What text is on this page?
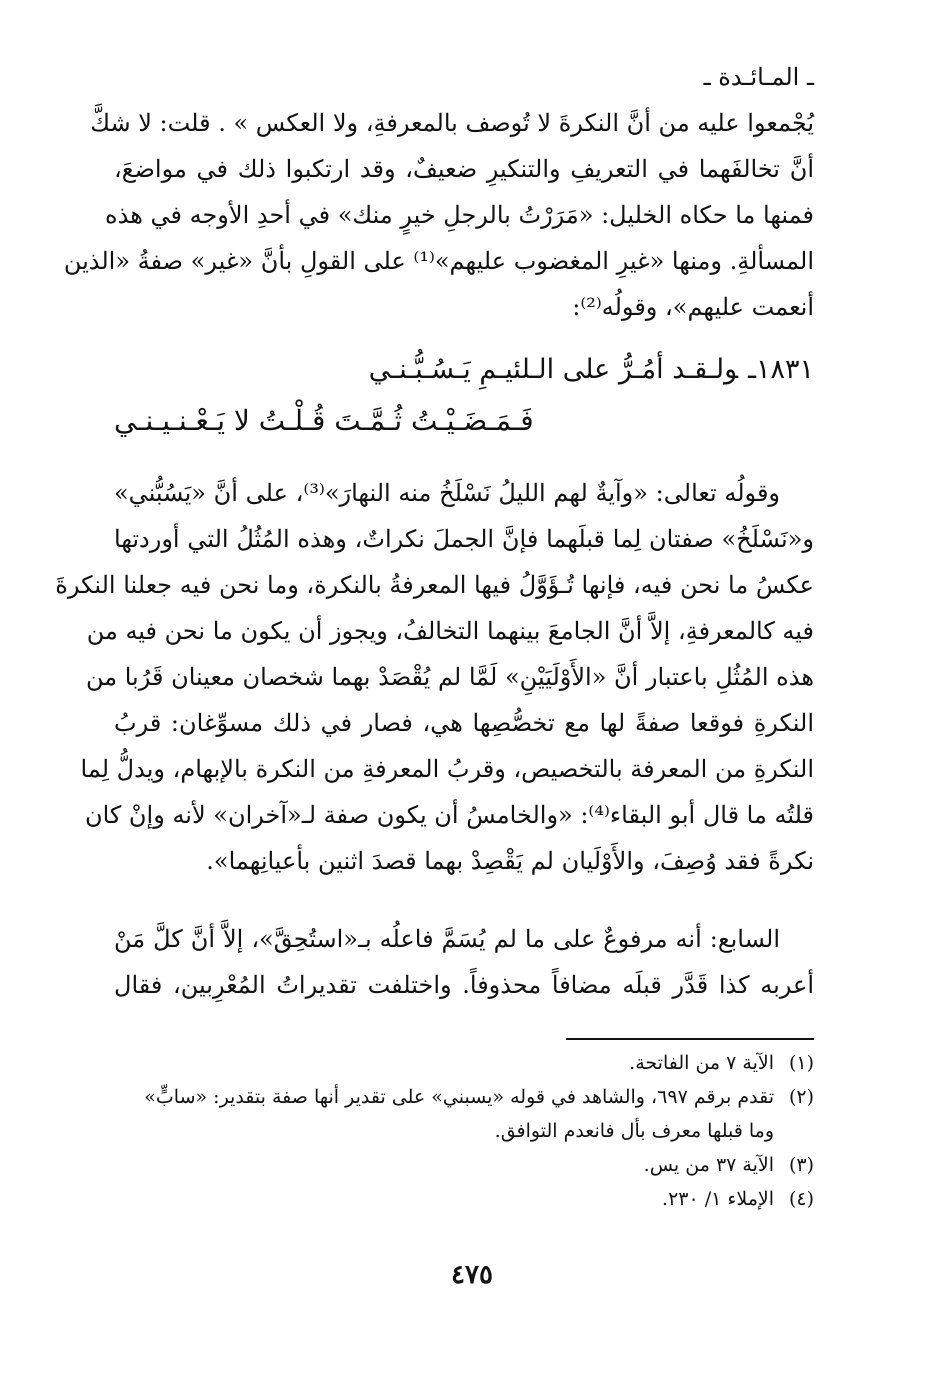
ـ المـائـدة ـ
يُجْمعوا عليه من أنَّ النكرةَ لا تُوصف بالمعرفةِ، ولا العكس » . قلت: لا شكَّ
أنَّ تخالفَهما في التعريفِ والتنكيرِ ضعيفٌ، وقد ارتكبوا ذلك في مواضعَ،
فمنها ما حكاه الخليل: «مَرَرْتُ بالرجلِ خيرٍ منك» في أحدِ الأوجه في هذه
المسألةِ. ومنها «غيرِ المغضوب عليهم»⁽¹⁾ على القولِ بأنَّ «غير» صفةُ «الذين
أنعمت عليهم»، وقولُه⁽²⁾:
١٨٣١ـولـقـد أمُـرُّ على الـلئيـمِ يَـسُـبُّـنـي
فَـمَـضَـيْـتُ ثُـمَّـتَ قُـلْـتُ لا يَـعْـنـيـنـي
وقولُه تعالى: «وآيةٌ لهم الليلُ نَسْلَخُ منه النهارَ»⁽³⁾، على أنَّ «يَسُبُّني»
و«نَسْلَخُ» صفتان لِما قبلَهما فإنَّ الجملَ نكراتٌ، وهذه المُثُلُ التي أوردتها
عكسُ ما نحن فيه، فإنها تُـؤَوَّلُ فيها المعرفةُ بالنكرة، وما نحن فيه جعلنا النكرةَ
فيه كالمعرفةِ، إلاَّ أنَّ الجامعَ بينهما التخالفُ، ويجوز أن يكون ما نحن فيه من
هذه المُثُلِ باعتبار أنَّ «الأَوْلَيَيْنِ» لَمَّا لم يُقْصَدْ بهما شخصان معينان قَرُبا من
النكرةِ فوقعا صفةً لها مع تخصُّصِها هي، فصار في ذلك مسوِّغان: قربُ
النكرةِ من المعرفة بالتخصيص، وقربُ المعرفةِ من النكرة بالإبهام، ويدلُّ لِما
قلتُه ما قال أبو البقاء⁽⁴⁾: «والخامسُ أن يكون صفة لـ«آخران» لأنه وإنْ كان
نكرةً فقد وُصِفَ، والأَوْلَيان لم يَقْصِدْ بهما قصدَ اثنين بأعيانِهما».
السابع: أنه مرفوعٌ على ما لم يُسَمَّ فاعلُه بـ«استُحِقَّ»، إلاَّ أنَّ كلَّ مَنْ
أعربه كذا قَدَّر قبلَه مضافاً محذوفاً. واختلفت تقديراتُ المُعْرِبين، فقال
(١)
الآية ٧ من الفاتحة.
(٢)
تقدم برقم ٦٩٧، والشاهد في قوله «يسبني» على تقدير أنها صفة بتقدير: «سابٍّ»
وما قبلها معرف بأل فانعدم التوافق.
(٣)
الآية ٣٧ من يس.
(٤)
الإملاء ١/ ٢٣٠.
٤٧٥
